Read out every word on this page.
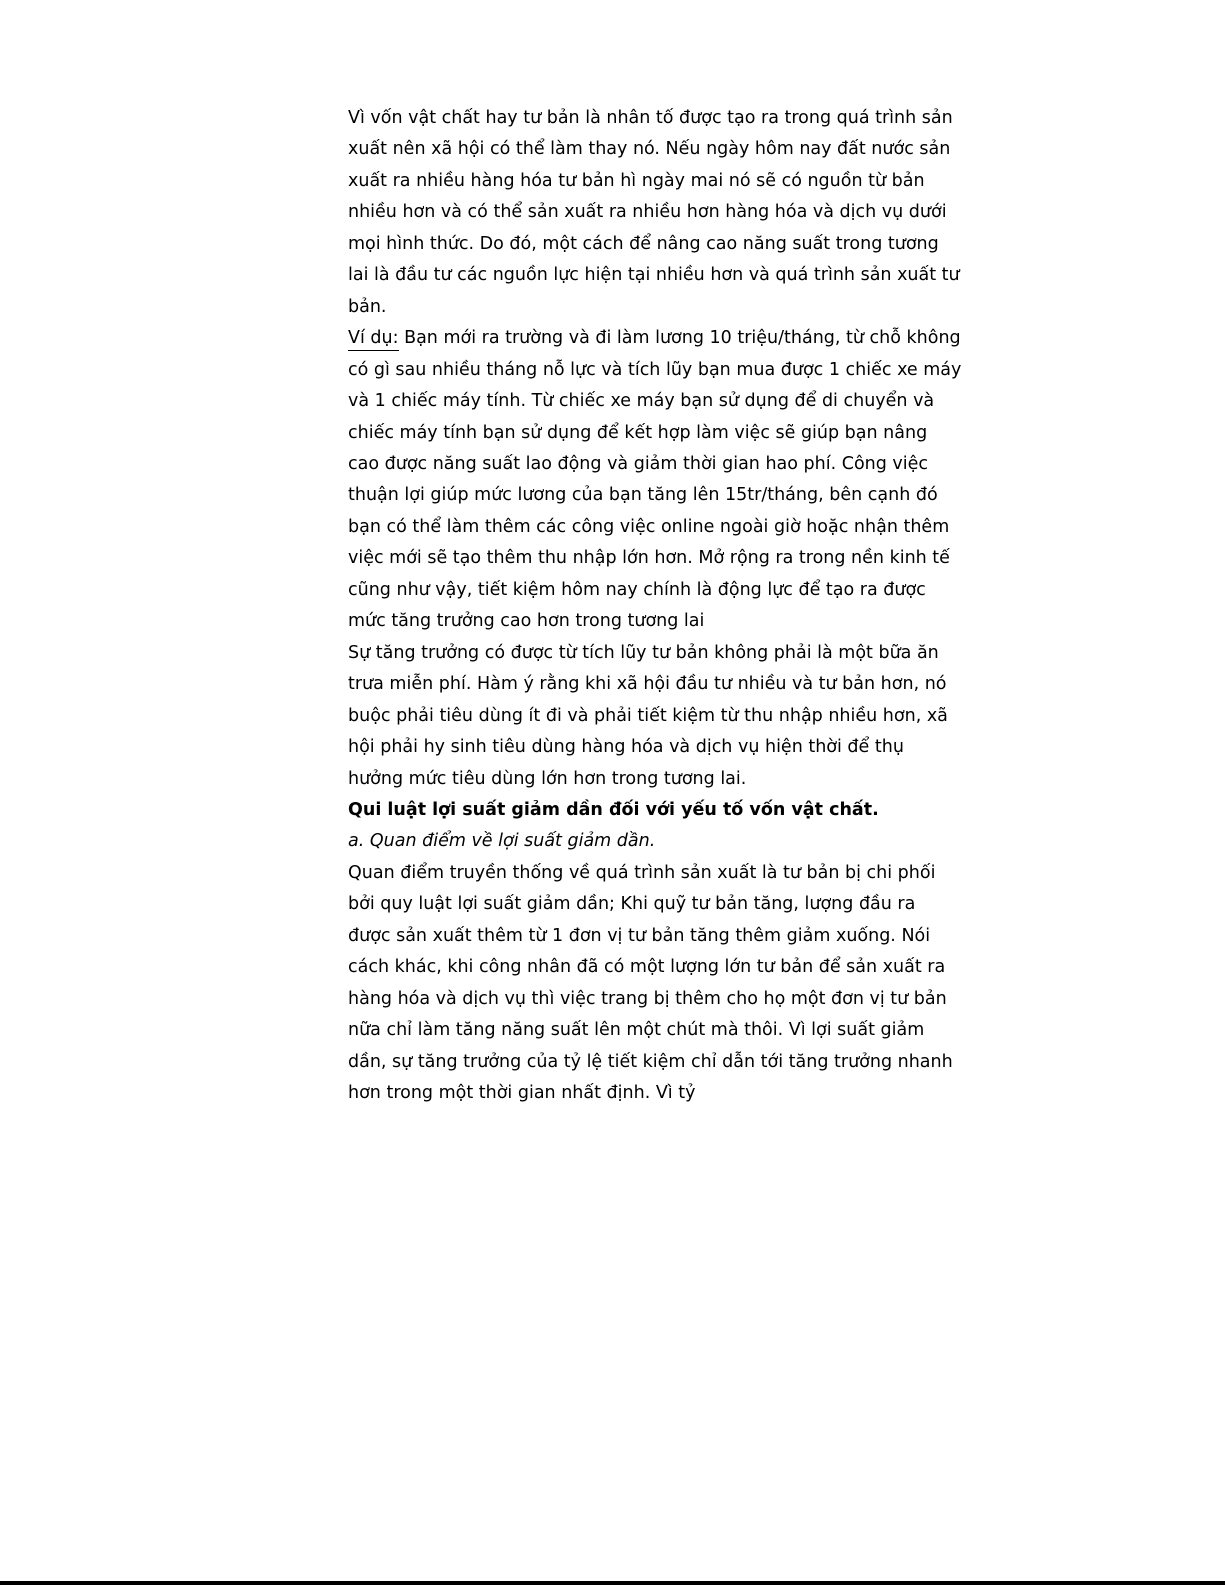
Vì vốn vật chất hay tư bản là nhân tố được tạo ra trong quá trình sản xuất nên xã hội có thể làm thay nó. Nếu ngày hôm nay đất nước sản xuất ra nhiều hàng hóa tư bản hì ngày mai nó sẽ có nguồn từ bản nhiều hơn và có thể sản xuất ra nhiều hơn hàng hóa và dịch vụ dưới mọi hình thức. Do đó, một cách để nâng cao năng suất trong tương lai là đầu tư các nguồn lực hiện tại nhiều hơn và quá trình sản xuất tư bản.

Ví dụ: Bạn mới ra trường và đi làm lương 10 triệu/tháng, từ chỗ không có gì sau nhiều tháng nỗ lực và tích lũy bạn mua được 1 chiếc xe máy và 1 chiếc máy tính. Từ chiếc xe máy bạn sử dụng để di chuyển và chiếc máy tính bạn sử dụng để kết hợp làm việc sẽ giúp bạn nâng cao được năng suất lao động và giảm thời gian hao phí. Công việc thuận lợi giúp mức lương của bạn tăng lên 15tr/tháng, bên cạnh đó bạn có thể làm thêm các công việc online ngoài giờ hoặc nhận thêm việc mới sẽ tạo thêm thu nhập lớn hơn. Mở rộng ra trong nền kinh tế cũng như vậy, tiết kiệm hôm nay chính là động lực để tạo ra được mức tăng trưởng cao hơn trong tương lai

Sự tăng trưởng có được từ tích lũy tư bản không phải là một bữa ăn trưa miễn phí. Hàm ý rằng khi xã hội đầu tư nhiều và tư bản hơn, nó buộc phải tiêu dùng ít đi và phải tiết kiệm từ thu nhập nhiều hơn, xã hội phải hy sinh tiêu dùng hàng hóa và dịch vụ hiện thời để thụ hưởng mức tiêu dùng lớn hơn trong tương lai.

Qui luật lợi suất giảm dần đối với yếu tố vốn vật chất.

a. Quan điểm về lợi suất giảm dần.

Quan điểm truyền thống về quá trình sản xuất là tư bản bị chi phối bởi quy luật lợi suất giảm dần; Khi quỹ tư bản tăng, lượng đầu ra được sản xuất thêm từ 1 đơn vị tư bản tăng thêm giảm xuống. Nói cách khác, khi công nhân đã có một lượng lớn tư bản để sản xuất ra hàng hóa và dịch vụ thì việc trang bị thêm cho họ một đơn vị tư bản nữa chỉ làm tăng năng suất lên một chút mà thôi. Vì lợi suất giảm dần, sự tăng trưởng của tỷ lệ tiết kiệm chỉ dẫn tới tăng trưởng nhanh hơn trong một thời gian nhất định. Vì tỷ
